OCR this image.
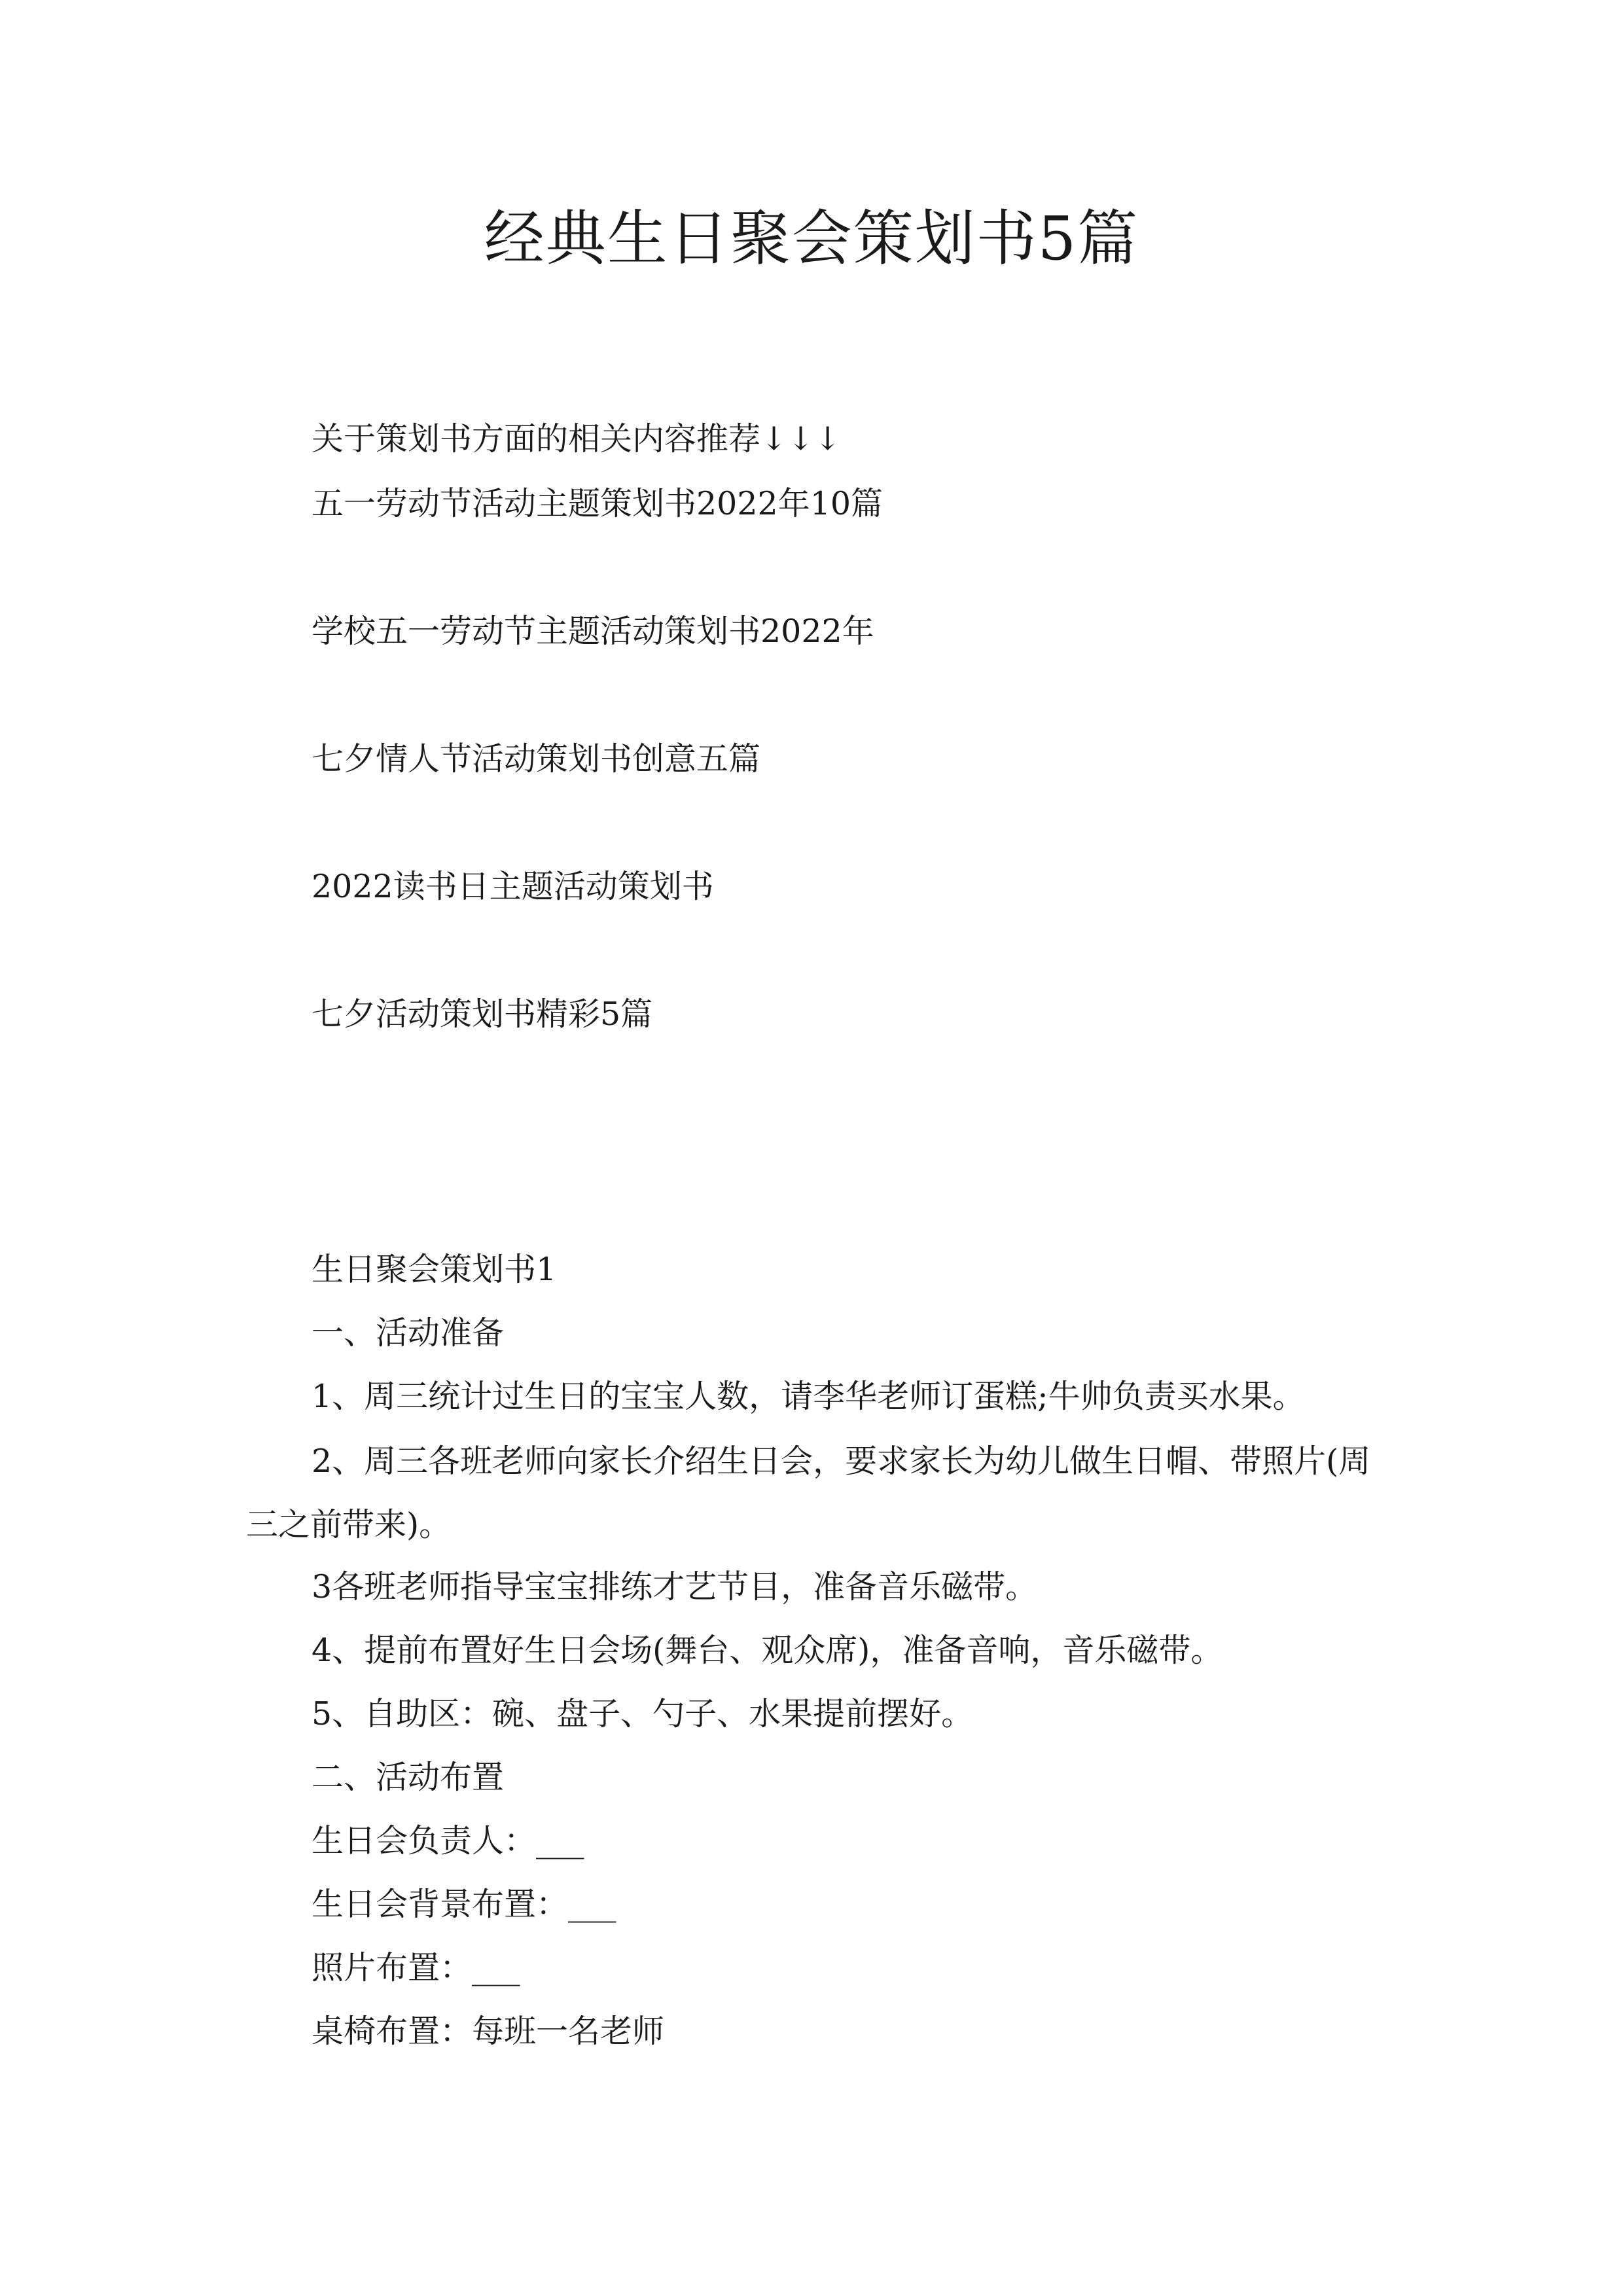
经典生日聚会策划书5篇

关于策划书方面的相关内容推荐↓↓↓

五一劳动节活动主题策划书2022年10篇

学校五一劳动节主题活动策划书2022年

七夕情人节活动策划书创意五篇

2022读书日主题活动策划书

七夕活动策划书精彩5篇

生日聚会策划书1

一、活动准备

1、周三统计过生日的宝宝人数，请李华老师订蛋糕;牛帅负责买水果。

2、周三各班老师向家长介绍生日会，要求家长为幼儿做生日帽、带照片(周三之前带来)。

3各班老师指导宝宝排练才艺节目，准备音乐磁带。

4、提前布置好生日会场(舞台、观众席)，准备音响，音乐磁带。

5、自助区：碗、盘子、勺子、水果提前摆好。

二、活动布置

生日会负责人：___

生日会背景布置：___

照片布置：___

桌椅布置：每班一名老师
